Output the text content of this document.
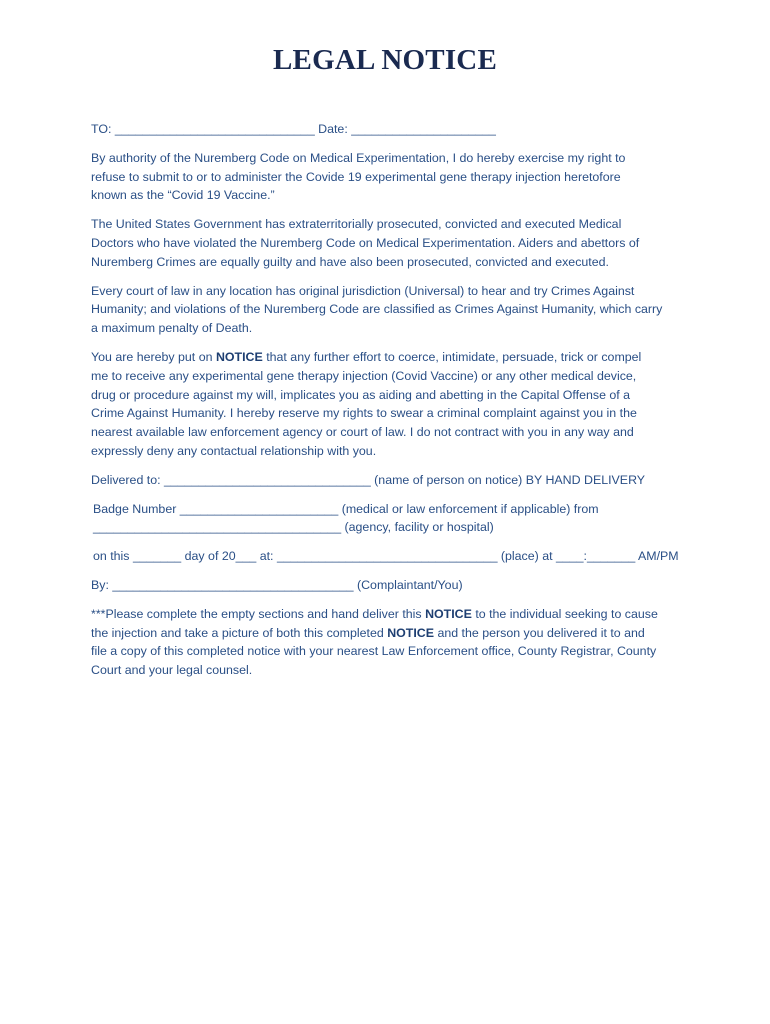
LEGAL NOTICE

TO: _____________________________ Date: _____________________

By authority of the Nuremberg Code on Medical Experimentation, I do hereby exercise my right to
refuse to submit to or to administer the Covide 19 experimental gene therapy injection heretofore
known as the “Covid 19 Vaccine.”

The United States Government has extraterritorially prosecuted, convicted and executed Medical
Doctors who have violated the Nuremberg Code on Medical Experimentation. Aiders and abettors of
Nuremberg Crimes are equally guilty and have also been prosecuted, convicted and executed.

Every court of law in any location has original jurisdiction (Universal) to hear and try Crimes Against
Humanity; and violations of the Nuremberg Code are classified as Crimes Against Humanity, which carry
a maximum penalty of Death.

You are hereby put on NOTICE that any further effort to coerce, intimidate, persuade, trick or compel
me to receive any experimental gene therapy injection (Covid Vaccine) or any other medical device,
drug or procedure against my will, implicates you as aiding and abetting in the Capital Offense of a
Crime Against Humanity. I hereby reserve my rights to swear a criminal complaint against you in the
nearest available law enforcement agency or court of law. I do not contract with you in any way and
expressly deny any contactual relationship with you.

Delivered to: ______________________________ (name of person on notice) BY HAND DELIVERY

Badge Number _______________________ (medical or law enforcement if applicable) from
____________________________________ (agency, facility or hospital)

on this _______ day of 20___ at: ________________________________ (place) at ____:_______ AM/PM

By: ___________________________________ (Complaintant/You)

***Please complete the empty sections and hand deliver this NOTICE to the individual seeking to cause
the injection and take a picture of both this completed NOTICE and the person you delivered it to and
file a copy of this completed notice with your nearest Law Enforcement office, County Registrar, County
Court and your legal counsel.
